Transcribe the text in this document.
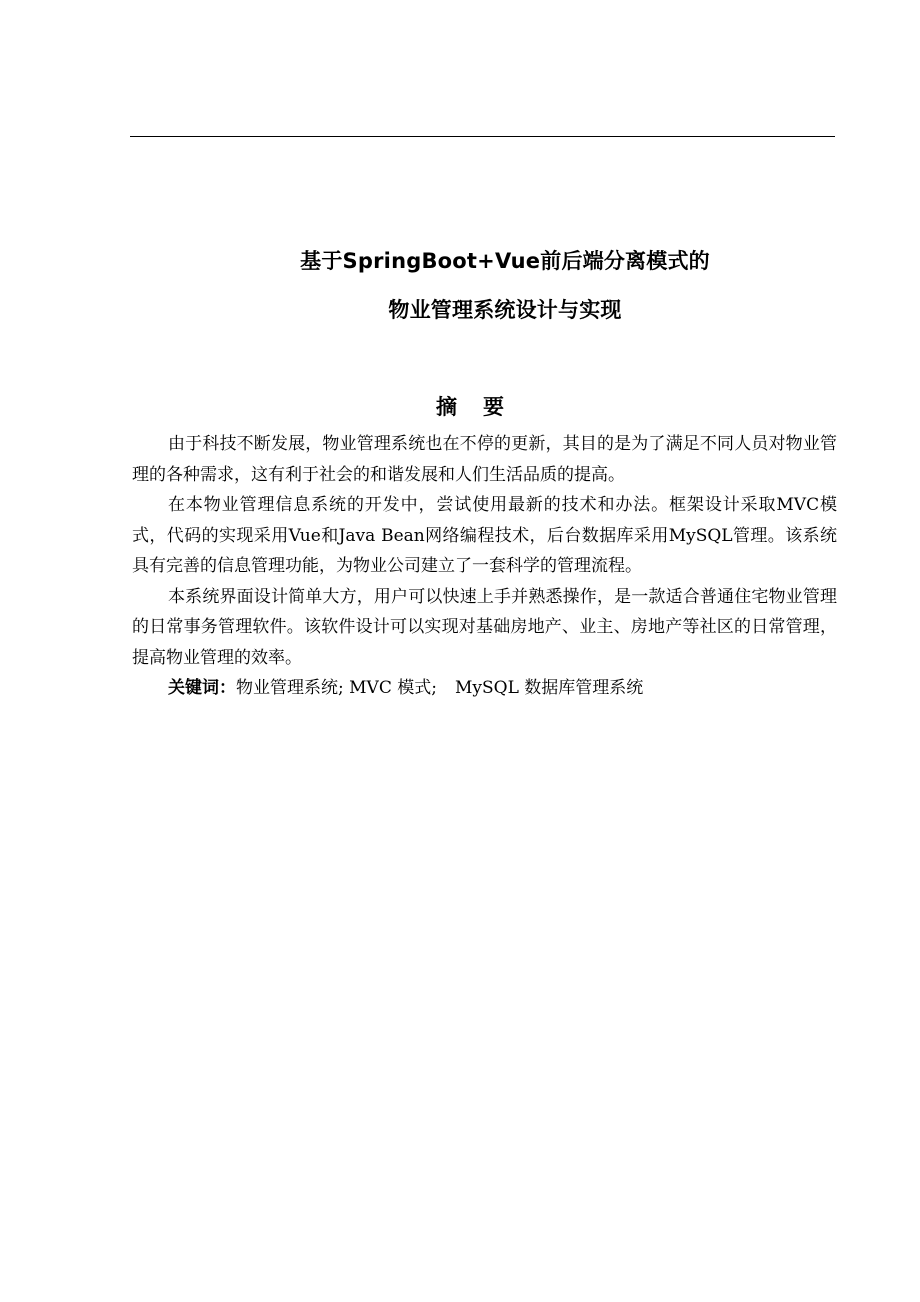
基于SpringBoot+Vue前后端分离模式的
物业管理系统设计与实现
摘要

由于科技不断发展，物业管理系统也在不停的更新，其目的是为了满足不同人员对物业管理的各种需求，这有利于社会的和谐发展和人们生活品质的提高。

在本物业管理信息系统的开发中，尝试使用最新的技术和办法。框架设计采取MVC模式，代码的实现采用Vue和Java Bean网络编程技术，后台数据库采用MySQL管理。该系统具有完善的信息管理功能，为物业公司建立了一套科学的管理流程。

本系统界面设计简单大方，用户可以快速上手并熟悉操作，是一款适合普通住宅物业管理的日常事务管理软件。该软件设计可以实现对基础房地产、业主、房地产等社区的日常管理，提高物业管理的效率。

关键词：物业管理系统; MVC 模式; MySQL 数据库管理系统
